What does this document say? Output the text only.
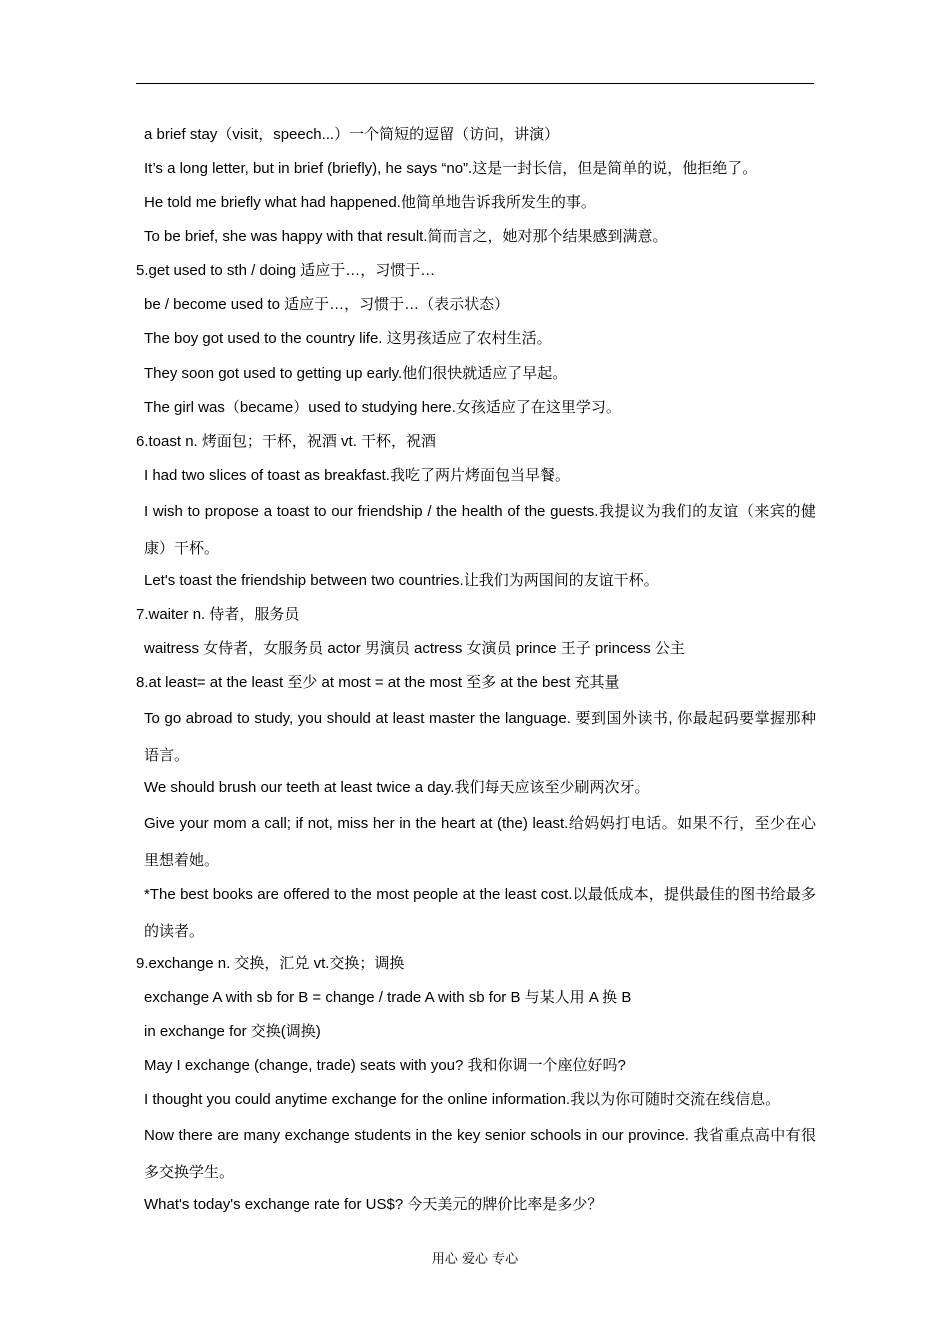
a brief stay（visit，speech...）一个简短的逗留（访问，讲演）
It’s a long letter, but in brief (briefly), he says “no”.这是一封长信，但是简单的说，他拒绝了。
He told me briefly what had happened.他简单地告诉我所发生的事。
To be brief, she was happy with that result.简而言之，她对那个结果感到满意。
5.get used to sth / doing 适应于…，习惯于…
be / become used to 适应于…，习惯于…（表示状态）
The boy got used to the country life. 这男孩适应了农村生活。
They soon got used to getting up early.他们很快就适应了早起。
The girl was（became）used to studying here.女孩适应了在这里学习。
6.toast n. 烤面包；干杯，祝酒 vt. 干杯，祝酒
I had two slices of toast as breakfast.我吃了两片烤面包当早餐。
I wish to propose a toast to our friendship / the health of the guests.我提议为我们的友谊（来宾的健康）干杯。
Let's toast the friendship between two countries.让我们为两国间的友谊干杯。
7.waiter n. 侍者，服务员
waitress 女侍者，女服务员 actor 男演员 actress 女演员 prince 王子 princess 公主
8.at least= at the least 至少 at most = at the most 至多 at the best 充其量
To go abroad to study, you should at least master the language. 要到国外读书, 你最起码要掌握那种语言。
We should brush our teeth at least twice a day.我们每天应该至少刷两次牙。
Give your mom a call; if not, miss her in the heart at (the) least.给妈妈打电话。如果不行，至少在心里想着她。
*The best books are offered to the most people at the least cost.以最低成本，提供最佳的图书给最多的读者。
9.exchange n. 交换，汇兑 vt.交换；调换
exchange A with sb for B = change / trade A with sb for B 与某人用 A 换 B
in exchange for 交换(调换)
May I exchange (change, trade) seats with you? 我和你调一个座位好吗?
I thought you could anytime exchange for the online information.我以为你可随时交流在线信息。
Now there are many exchange students in the key senior schools in our province. 我省重点高中有很多交换学生。
What's today's exchange rate for US$? 今天美元的牌价比率是多少？
用心 爱心 专心
